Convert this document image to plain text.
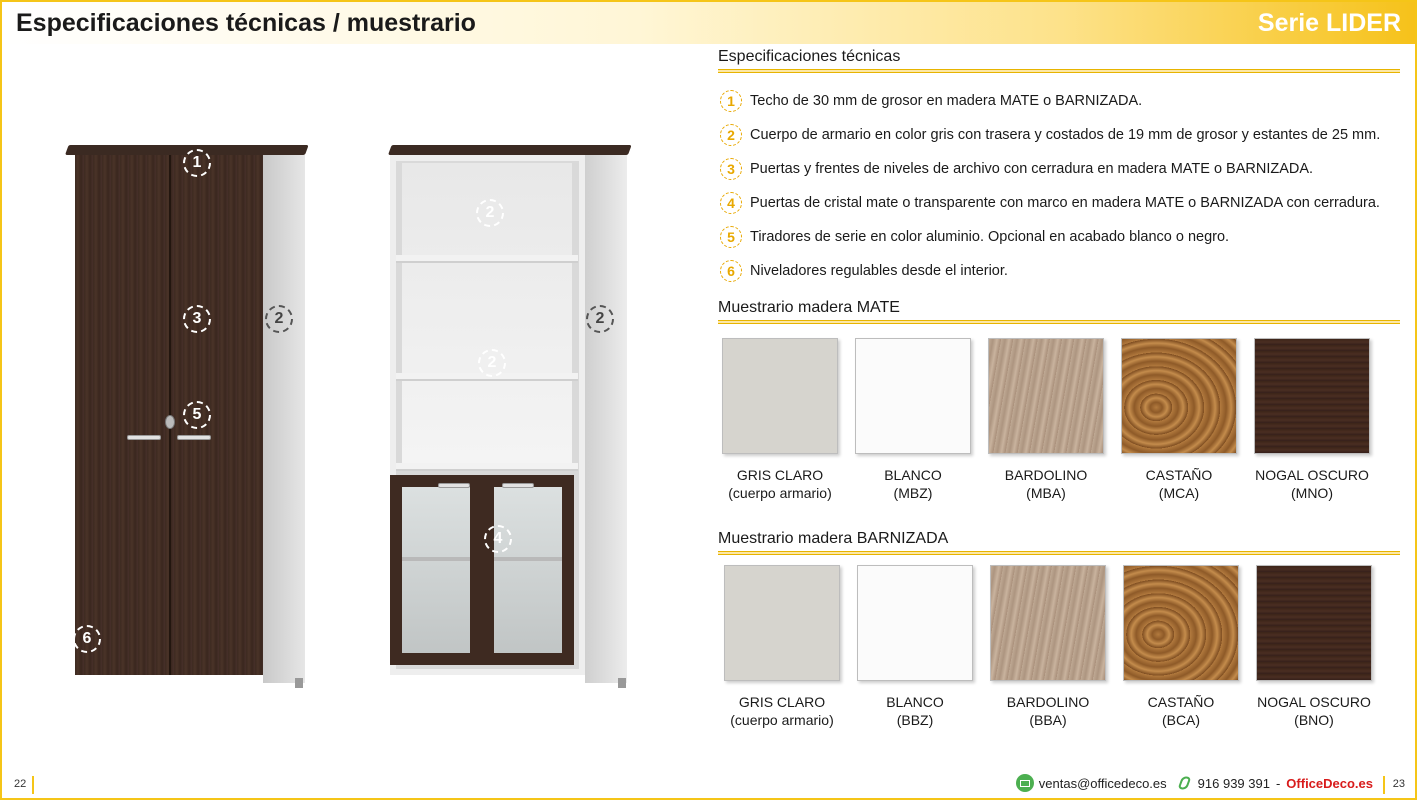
Especificaciones técnicas / muestrario	Serie LIDER
1
3
5
2
6
2
2
2
4
Especificaciones técnicas
1	Techo de 30 mm de grosor en madera MATE o BARNIZADA.
2	Cuerpo de armario en color gris con trasera y costados de 19 mm de grosor y estantes de 25 mm.
3	Puertas y frentes de niveles de archivo con cerradura en madera MATE o BARNIZADA.
4	Puertas de cristal mate o transparente con marco en madera MATE o BARNIZADA con cerradura.
5	Tiradores de serie en color aluminio. Opcional en acabado blanco o negro.
6	Niveladores regulables desde el interior.
Muestrario madera MATE
GRIS CLARO
(cuerpo armario)
BLANCO
(MBZ)
BARDOLINO
(MBA)
CASTAÑO
(MCA)
NOGAL OSCURO
(MNO)
Muestrario madera BARNIZADA
GRIS CLARO
(cuerpo armario)
BLANCO
(BBZ)
BARDOLINO
(BBA)
CASTAÑO
(BCA)
NOGAL OSCURO
(BNO)
22	ventas@officedeco.es 916 939 391 - OfficeDeco.es 23
